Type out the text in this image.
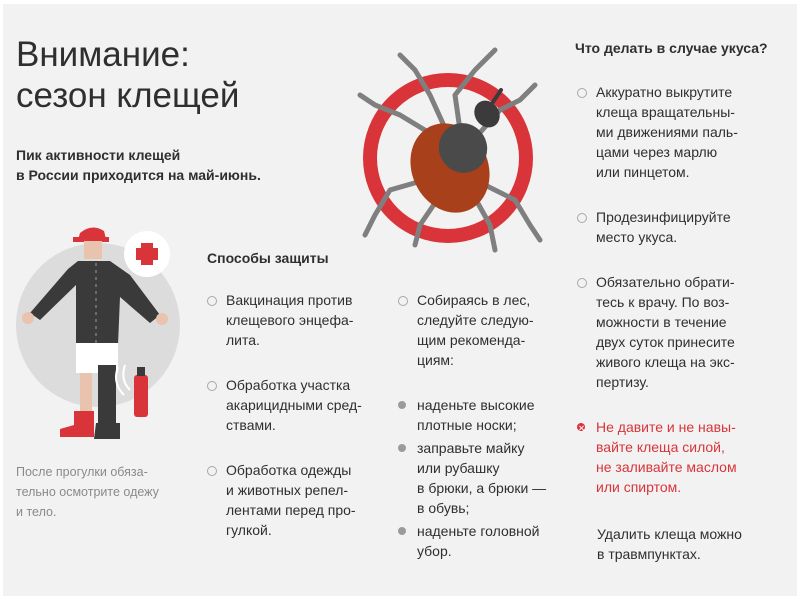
Внимание:
сезон клещей

Пик активности клещей
в России приходится на май-июнь.

После прогулки обяза-
тельно осмотрите одежу
и тело.

Способы защиты
Вакцинация против
клещевого энцефа-
лита.
Обработка участка
акарицидными сред-
ствами.
Обработка одежды
и животных репел-
лентами перед про-
гулкой.
Собираясь в лес,
следуйте следую-
щим рекоменда-
циям:
наденьте высокие
плотные носки;
заправьте майку
или рубашку
в брюки, а брюки —
в обувь;
наденьте головной
убор.
Что делать в случае укуса?
Аккуратно выкрутите
клеща вращательны-
ми движениями паль-
цами через марлю
или пинцетом.
Продезинфицируйте
место укуса.
Обязательно обрати-
тесь к врачу. По воз-
можности в течение
двух суток принесите
живого клеща на экс-
пертизу.
Не давите и не навы-
вайте клеща силой,
не заливайте маслом
или спиртом.

Удалить клеща можно
в травмпунктах.
